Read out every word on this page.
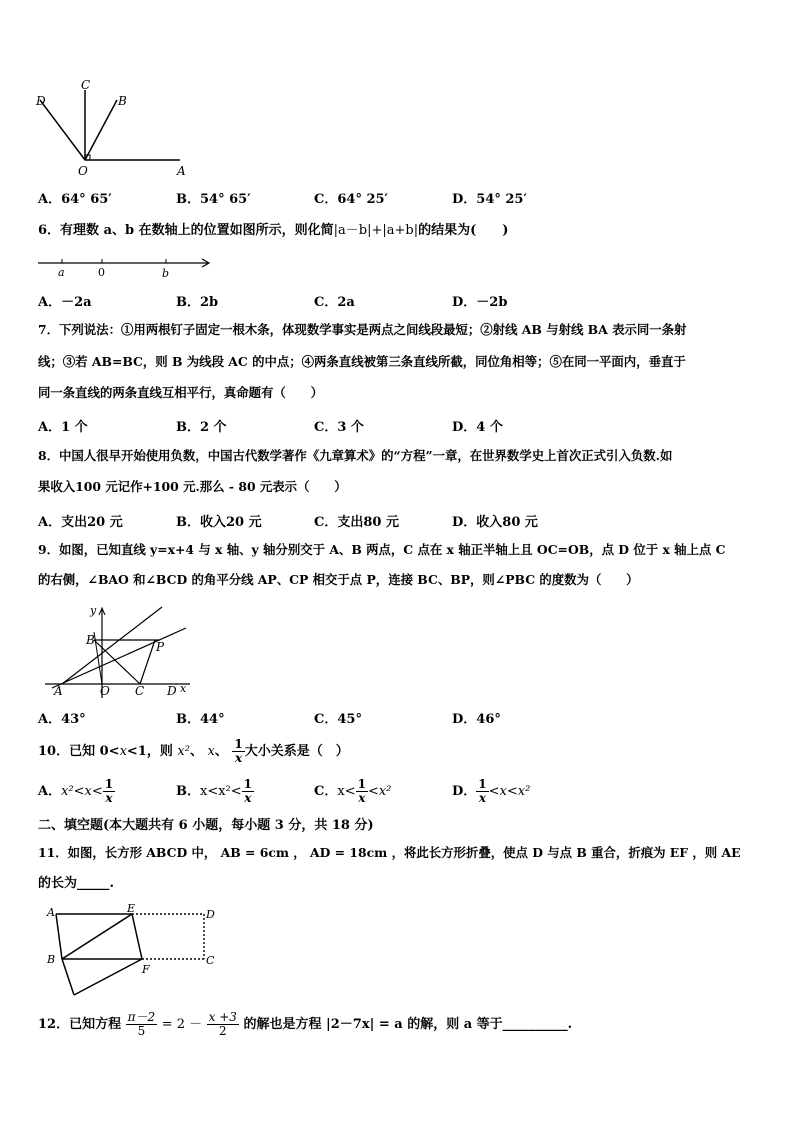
C
D	B
O	A
A．64° 65′	B．54° 65′	C．64° 25′	D．54° 25′
6．有理数 a、b 在数轴上的位置如图所示，则化简|a－b|+|a+b|的结果为(　　)
a	0	b
A．－2a	B．2b	C．2a	D．－2b
7．下列说法：①用两根钉子固定一根木条，体现数学事实是两点之间线段最短；②射线 AB 与射线 BA 表示同一条射
线；③若 AB=BC，则 B 为线段 AC 的中点；④两条直线被第三条直线所截，同位角相等；⑤在同一平面内，垂直于
同一条直线的两条直线互相平行，真命题有（　　）
A．1 个	B．2 个	C．3 个	D．4 个
8．中国人很早开始使用负数，中国古代数学著作《九章算术》的“方程”一章，在世界数学史上首次正式引入负数.如
果收入100 元记作+100 元.那么 - 80 元表示（　　）
A．支出20 元	B．收入20 元	C．支出80 元	D．收入80 元
9．如图，已知直线 y=x+4 与 x 轴、y 轴分别交于 A、B 两点，C 点在 x 轴正半轴上且 OC=OB，点 D 位于 x 轴上点 C
的右侧，∠BAO 和∠BCD 的角平分线 AP、CP 相交于点 P，连接 BC、BP，则∠PBC 的度数为（　　）
y
B	P
A	O C D x
A．43°	B．44°	C．45°	D．46°
10．已知 0<x<1，则 x²、 x、 $\frac{1}{x}$ 大小关系是（　）
A．$x^2<x< \frac{1}{x}$	B．$x<x^2< \frac{1}{x}$	C．$x< \frac{1}{x} <x^2$	D． $\frac{1}{x} <x<x^2$
二、填空题(本大题共有 6 小题，每小题 3 分，共 18 分)
11．如图，长方形 ABCD 中， AB = 6cm ， AD = 18cm ，将此长方形折叠，使点 D 与点 B 重合，折痕为 EF ，则 AE
的长为_____.
A	E	D
B
F
C
12．已知方程 $\frac{\pi-2}{5} = 2 - \frac{x +3}{2}$ 的解也是方程 |2－7x| = a 的解，则 a 等于__________.
